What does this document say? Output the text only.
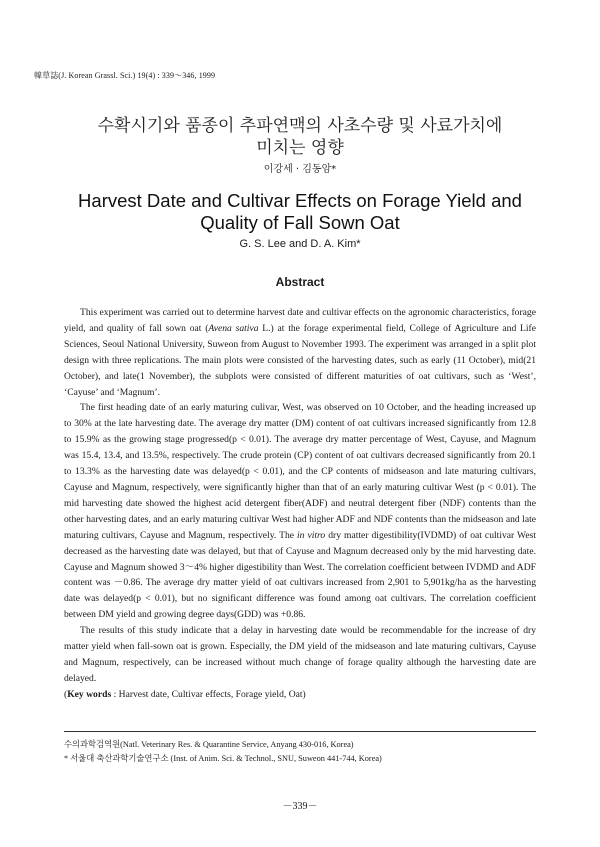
韓草誌(J. Korean Grassl. Sci.) 19(4) : 339～346, 1999
수확시기와 품종이 추파연맥의 사초수량 및 사료가치에
미치는 영향
이강세 · 김동암*
Harvest Date and Cultivar Effects on Forage Yield and
Quality of Fall Sown Oat
G. S. Lee and D. A. Kim*
Abstract

This experiment was carried out to determine harvest date and cultivar effects on the agronomic characteristics, forage yield, and quality of fall sown oat (Avena sativa L.) at the forage experimental field, College of Agriculture and Life Sciences, Seoul National University, Suweon from August to November 1993. The experiment was arranged in a split plot design with three replications. The main plots were consisted of the harvesting dates, such as early (11 October), mid(21 October), and late(1 November), the subplots were consisted of different maturities of oat cultivars, such as ‘West’, ‘Cayuse’ and ‘Magnum’.

The first heading date of an early maturing culivar, West, was observed on 10 October, and the heading increased up to 30% at the late harvesting date. The average dry matter (DM) content of oat cultivars increased significantly from 12.8 to 15.9% as the growing stage progressed(p < 0.01). The average dry matter percentage of West, Cayuse, and Magnum was 15.4, 13.4, and 13.5%, respectively. The crude protein (CP) content of oat cultivars decreased significantly from 20.1 to 13.3% as the harvesting date was delayed(p < 0.01), and the CP contents of midseason and late maturing cultivars, Cayuse and Magnum, respectively, were significantly higher than that of an early maturing cultivar West (p < 0.01). The mid harvesting date showed the highest acid detergent fiber(ADF) and neutral detergent fiber (NDF) contents than the other harvesting dates, and an early maturing cultivar West had higher ADF and NDF contents than the midseason and late maturing cultivars, Cayuse and Magnum, respectively. The in vitro dry matter digestibility(IVDMD) of oat cultivar West decreased as the harvesting date was delayed, but that of Cayuse and Magnum decreased only by the mid harvesting date. Cayuse and Magnum showed 3～4% higher digestibility than West. The correlation coefficient between IVDMD and ADF content was －0.86. The average dry matter yield of oat cultivars increased from 2,901 to 5,901kg/ha as the harvesting date was delayed(p < 0.01), but no significant difference was found among oat cultivars. The correlation coefficient between DM yield and growing degree days(GDD) was +0.86.

The results of this study indicate that a delay in harvesting date would be recommendable for the increase of dry matter yield when fall-sown oat is grown. Especially, the DM yield of the midseason and late maturing cultivars, Cayuse and Magnum, respectively, can be increased without much change of forage quality although the harvesting date are delayed.

(Key words : Harvest date, Cultivar effects, Forage yield, Oat)

수의과학검역원(Natl. Veterinary Res. & Quarantine Service, Anyang 430-016, Korea)
* 서울대 축산과학기술연구소 (Inst. of Anim. Sci. & Technol., SNU, Suweon 441-744, Korea)
－339－
